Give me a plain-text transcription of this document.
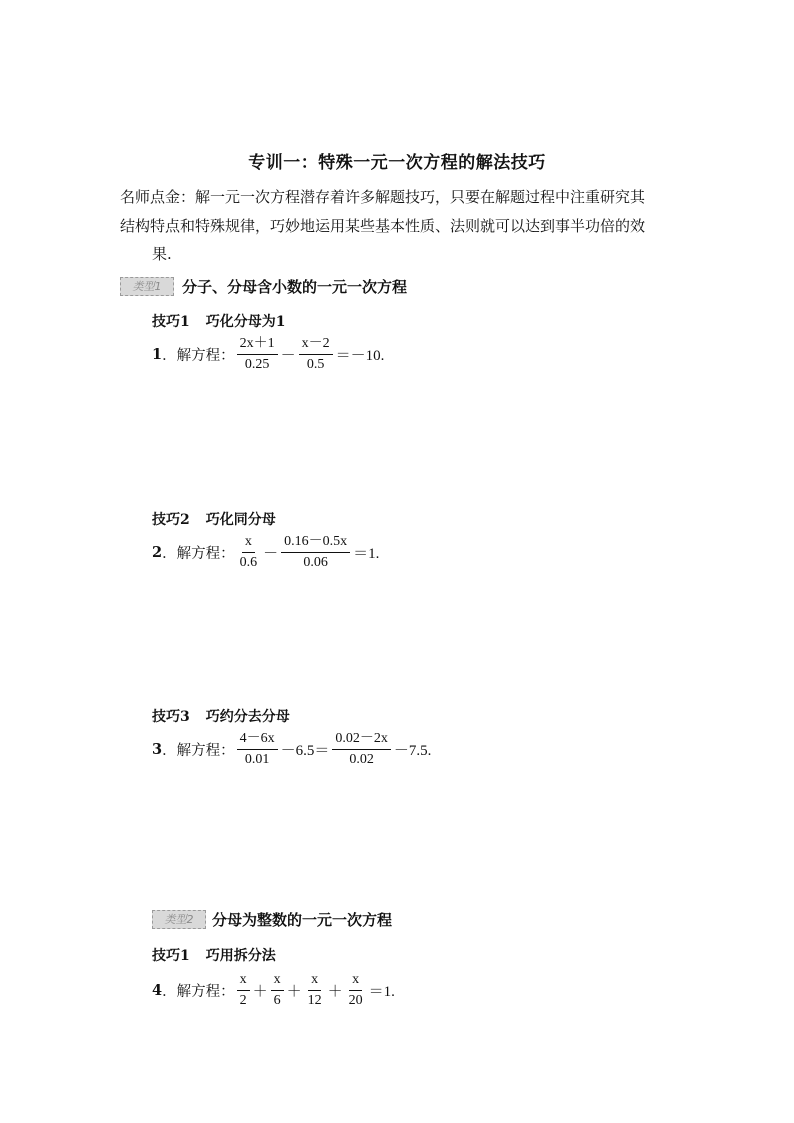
专训一：特殊一元一次方程的解法技巧
名师点金：解一元一次方程潜存着许多解题技巧，只要在解题过程中注重研究其
结构特点和特殊规律，巧妙地运用某些基本性质、法则就可以达到事半功倍的效
果.
类型1	分子、分母含小数的一元一次方程
技巧1 巧化分母为1
1 ．解方程： $\frac{2x+1}{0.25} - \frac{x-2}{0.5} =-10$.
技巧2 巧化同分母
2 ．解方程： $\frac{x}{0.6} - \frac{0.16-0.5x}{0.06} =1$.
技巧3 巧约分去分母
3 ．解方程： $\frac{4-6x}{0.01} -6.5= \frac{0.02-2x}{0.02} -7.5$.
类型2	分母为整数的一元一次方程
技巧1 巧用拆分法
4 ．解方程： $\frac{x}{2} + \frac{x}{6} + \frac{x}{12} + \frac{x}{20} =1$.
